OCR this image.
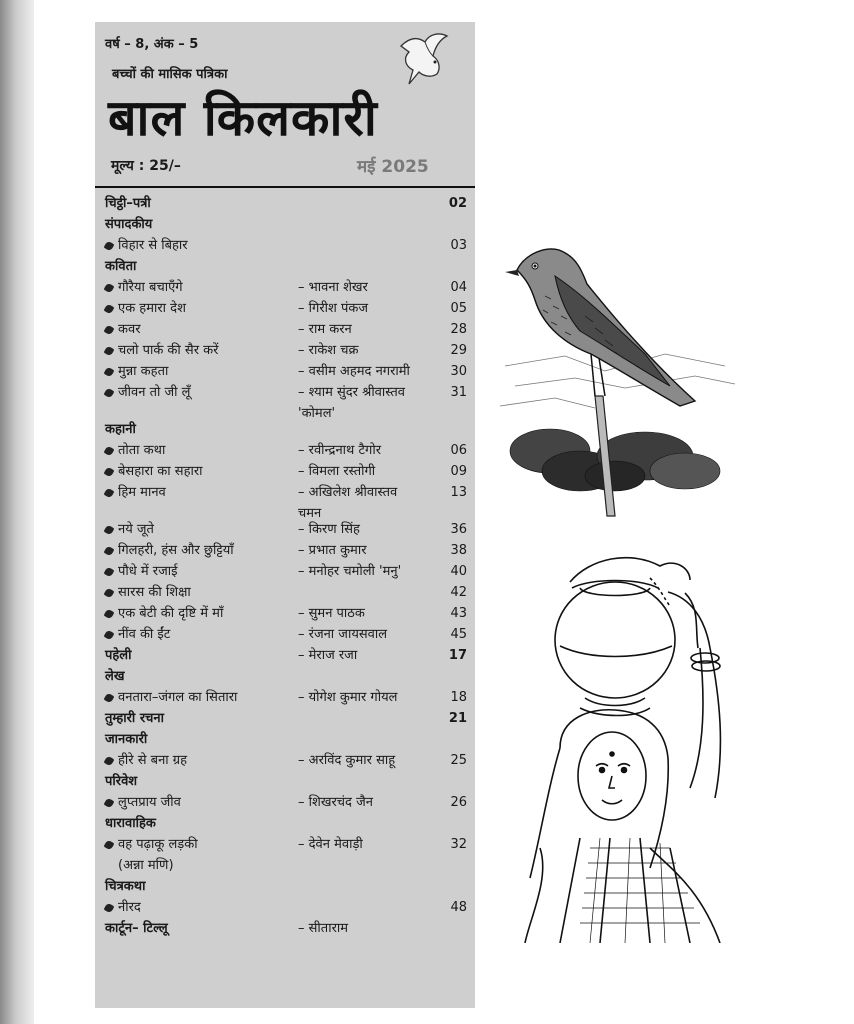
वर्ष – 8, अंक – 5
बच्चों की मासिक पत्रिका
बाल किलकारी
मूल्य : 25/–	मई 2025
चिट्ठी–पत्री	02
संपादकीय
विहार से बिहार	03
कविता
गौरैया बचाएँगे	– भावना शेखर	04
एक हमारा देश	– गिरीश पंकज	05
कवर	– राम करन	28
चलो पार्क की सैर करें	– राकेश चक्र	29
मुन्ना कहता	– वसीम अहमद नगरामी	30
जीवन तो जी लूँ	– श्याम सुंदर श्रीवास्तव	31
'कोमल'
कहानी
तोता कथा	– रवीन्द्रनाथ टैगोर	06
बेसहारा का सहारा	– विमला रस्तोगी	09
हिम मानव	– अखिलेश श्रीवास्तव	13
चमन
नये जूते	– किरण सिंह	36
गिलहरी, हंस और छुट्टियाँ	– प्रभात कुमार	38
पौधे में रजाई	– मनोहर चमोली 'मनु'	40
सारस की शिक्षा	42
एक बेटी की दृष्टि में माँ	– सुमन पाठक	43
नींव की ईंट	– रंजना जायसवाल	45
पहेली	– मेराज रजा	17
लेख
वनतारा–जंगल का सितारा	– योगेश कुमार गोयल	18
तुम्हारी रचना	21
जानकारी
हीरे से बना ग्रह	– अरविंद कुमार साहू	25
परिवेश
लुप्तप्राय जीव	– शिखरचंद जैन	26
धारावाहिक
वह पढ़ाकू लड़की	– देवेन मेवाड़ी	32
(अन्ना मणि)
चित्रकथा
नीरद	48
कार्टून– टिल्लू	– सीताराम
